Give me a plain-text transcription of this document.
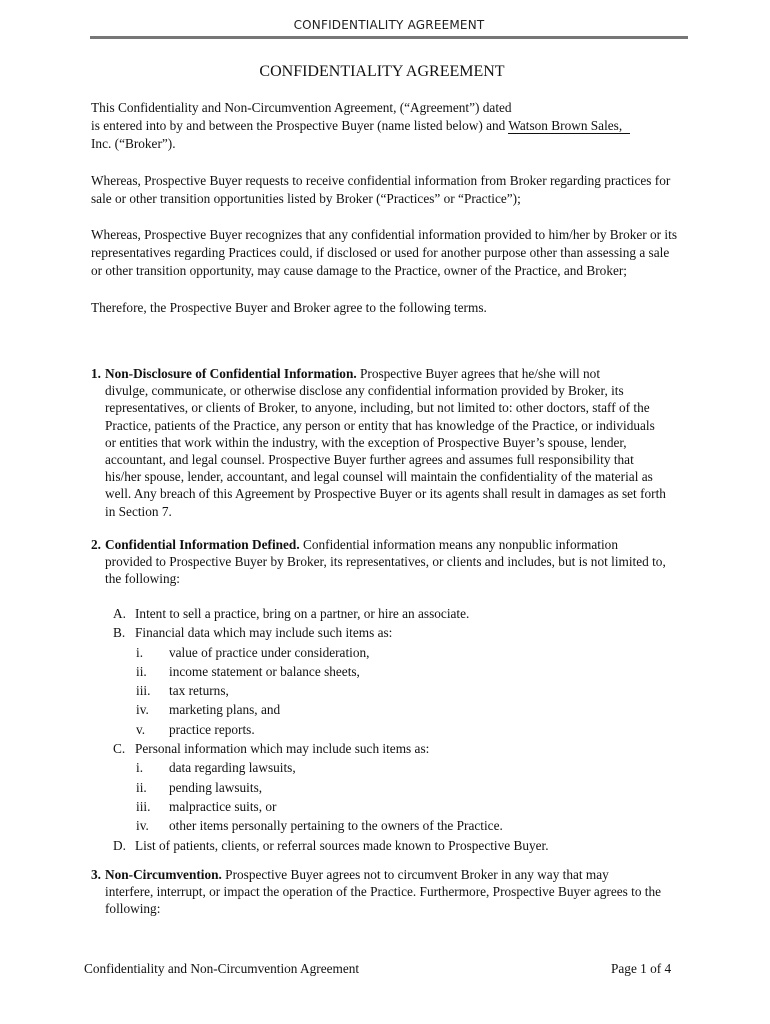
CONFIDENTIALITY AGREEMENT
CONFIDENTIALITY AGREEMENT
This Confidentiality and Non-Circumvention Agreement, (“Agreement”) dated
is entered into by and between the Prospective Buyer (name listed below) and Watson Brown Sales,
Inc. (“Broker”).
Whereas, Prospective Buyer requests to receive confidential information from Broker regarding practices for sale or other transition opportunities listed by Broker (“Practices” or “Practice”);
Whereas, Prospective Buyer recognizes that any confidential information provided to him/her by Broker or its representatives regarding Practices could, if disclosed or used for another purpose other than assessing a sale or other transition opportunity, may cause damage to the Practice, owner of the Practice, and Broker;
Therefore, the Prospective Buyer and Broker agree to the following terms.
1. Non-Disclosure of Confidential Information. Prospective Buyer agrees that he/she will not
divulge, communicate, or otherwise disclose any confidential information provided by Broker, its representatives, or clients of Broker, to anyone, including, but not limited to: other doctors, staff of the Practice, patients of the Practice, any person or entity that has knowledge of the Practice, or individuals or entities that work within the industry, with the exception of Prospective Buyer’s spouse, lender, accountant, and legal counsel. Prospective Buyer further agrees and assumes full responsibility that his/her spouse, lender, accountant, and legal counsel will maintain the confidentiality of the material as well. Any breach of this Agreement by Prospective Buyer or its agents shall result in damages as set forth in Section 7.
2. Confidential Information Defined. Confidential information means any nonpublic information
provided to Prospective Buyer by Broker, its representatives, or clients and includes, but is not limited to, the following:
A. Intent to sell a practice, bring on a partner, or hire an associate.
B. Financial data which may include such items as:
i.	value of practice under consideration,
ii.	income statement or balance sheets,
iii.	tax returns,
iv.	marketing plans, and
v.	practice reports.
C. Personal information which may include such items as:
i.	data regarding lawsuits,
ii.	pending lawsuits,
iii.	malpractice suits, or
iv.	other items personally pertaining to the owners of the Practice.
D. List of patients, clients, or referral sources made known to Prospective Buyer.
3. Non-Circumvention. Prospective Buyer agrees not to circumvent Broker in any way that may
interfere, interrupt, or impact the operation of the Practice. Furthermore, Prospective Buyer agrees to the following:
Confidentiality and Non-Circumvention Agreement	Page 1 of 4
